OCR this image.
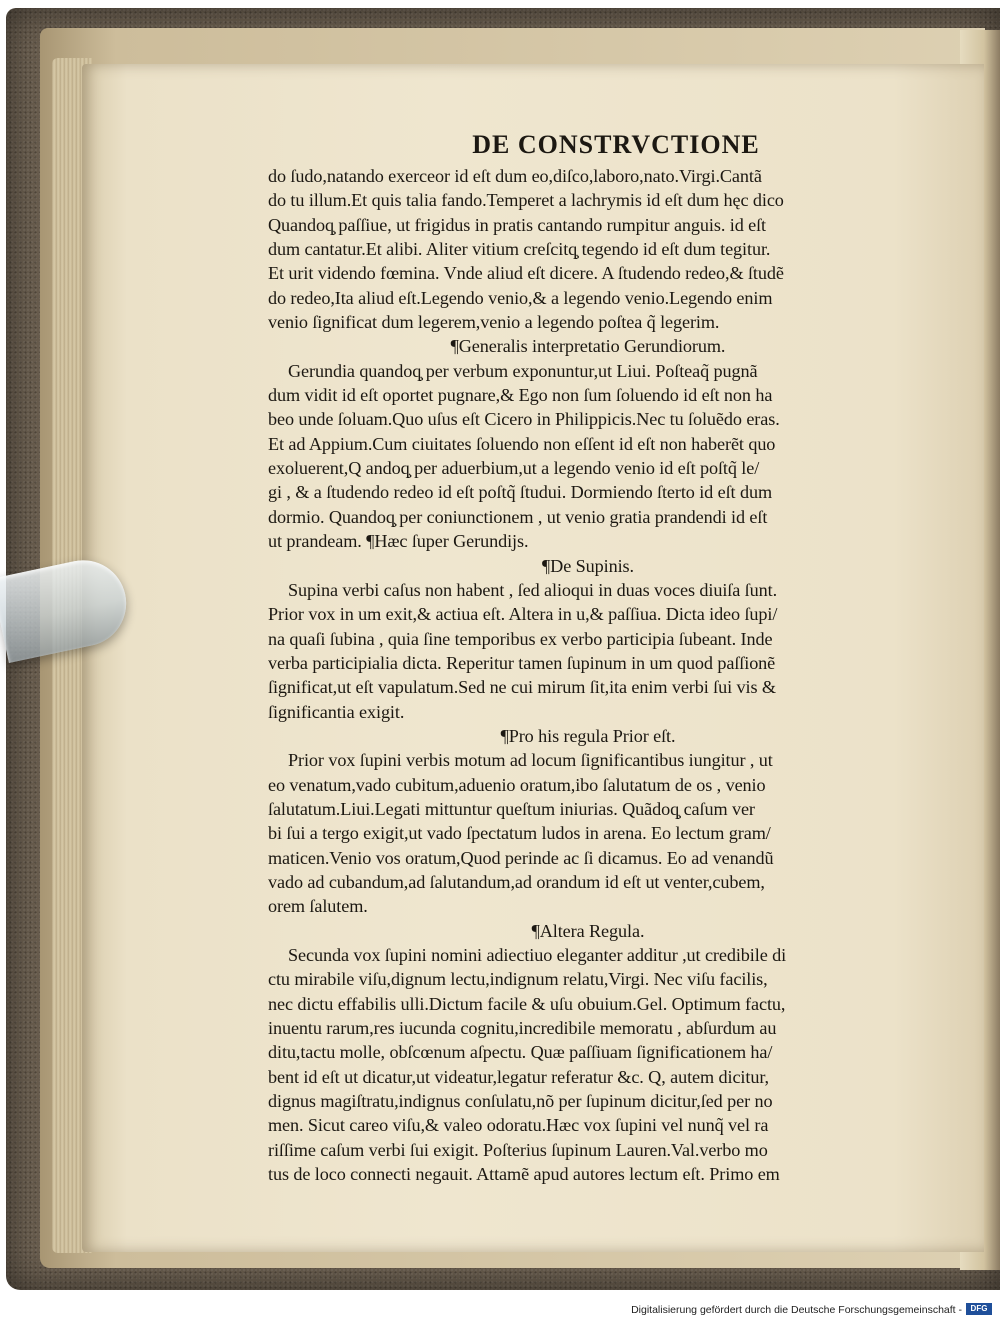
DE CONSTRVCTIONE
do ſudo,natando exerceor id eſt dum eo,diſco,laboro,nato.Virgi.Cantã
do tu illum.Et quis talia fando.Temperet a lachrymis id eſt dum hęc dico
Quandoq̧ paſſiue, ut frigidus in pratis cantando rumpitur anguis. id eſt
dum cantatur.Et alibi. Aliter vitium creſcitq̧ tegendo id eſt dum tegitur.
Et urit videndo fœmina. Vnde aliud eſt dicere. A ſtudendo redeo,& ſtudẽ
do redeo,Ita aliud eſt.Legendo venio,& a legendo venio.Legendo enim
venio ſignificat dum legerem,venio a legendo poſtea q̃ legerim.
¶Generalis interpretatio Gerundiorum.
Gerundia quandoq̧ per verbum exponuntur,ut Liui. Poſteaq̃ pugnã
dum vidit id eſt oportet pugnare,& Ego non ſum ſoluendo id eſt non ha
beo unde ſoluam.Quo uſus eſt Cicero in Philippicis.Nec tu ſoluẽdo eras.
Et ad Appium.Cum ciuitates ſoluendo non eſſent id eſt non haberẽt quo
exoluerent,Q andoq̧ per aduerbium,ut a legendo venio id eſt poſtq̃ le/
gi , & a ſtudendo redeo id eſt poſtq̃ ſtudui. Dormiendo ſterto id eſt dum
dormio. Quandoq̧ per coniunctionem , ut venio gratia prandendi id eſt
ut prandeam. ¶Hæc ſuper Gerundijs.
¶De Supinis.
Supina verbi caſus non habent , ſed alioqui in duas voces diuiſa ſunt.
Prior vox in um exit,& actiua eſt. Altera in u,& paſſiua. Dicta ideo ſupi/
na quaſi ſubina , quia ſine temporibus ex verbo participia ſubeant. Inde
verba participialia dicta. Reperitur tamen ſupinum in um quod paſſionẽ
ſignificat,ut eſt vapulatum.Sed ne cui mirum ſit,ita enim verbi ſui vis &
ſignificantia exigit.
¶Pro his regula Prior eſt.
Prior vox ſupini verbis motum ad locum ſignificantibus iungitur , ut
eo venatum,vado cubitum,aduenio oratum,ibo ſalutatum de os , venio
ſalutatum.Liui.Legati mittuntur queſtum iniurias. Quãdoq̧ caſum ver
bi ſui a tergo exigit,ut vado ſpectatum ludos in arena. Eo lectum gram/
maticen.Venio vos oratum,Quod perinde ac ſi dicamus. Eo ad venandũ
vado ad cubandum,ad ſalutandum,ad orandum id eſt ut venter,cubem,
orem ſalutem.
¶Altera Regula.
Secunda vox ſupini nomini adiectiuo eleganter additur ,ut credibile di
ctu mirabile viſu,dignum lectu,indignum relatu,Virgi. Nec viſu facilis,
nec dictu effabilis ulli.Dictum facile & uſu obuium.Gel. Optimum factu,
inuentu rarum,res iucunda cognitu,incredibile memoratu , abſurdum au
ditu,tactu molle, obſcœnum aſpectu. Quæ paſſiuam ſignificationem ha/
bent id eſt ut dicatur,ut videatur,legatur referatur &c. Q, autem dicitur,
dignus magiſtratu,indignus conſulatu,nõ per ſupinum dicitur,ſed per no
men. Sicut careo viſu,& valeo odoratu.Hæc vox ſupini vel nunq̃ vel ra
riſſime caſum verbi ſui exigit. Poſterius ſupinum Lauren.Val.verbo mo
tus de loco connecti negauit. Attamẽ apud autores lectum eſt. Primo em
Digitalisierung gefördert durch die Deutsche Forschungsgemeinschaft -	DFG
